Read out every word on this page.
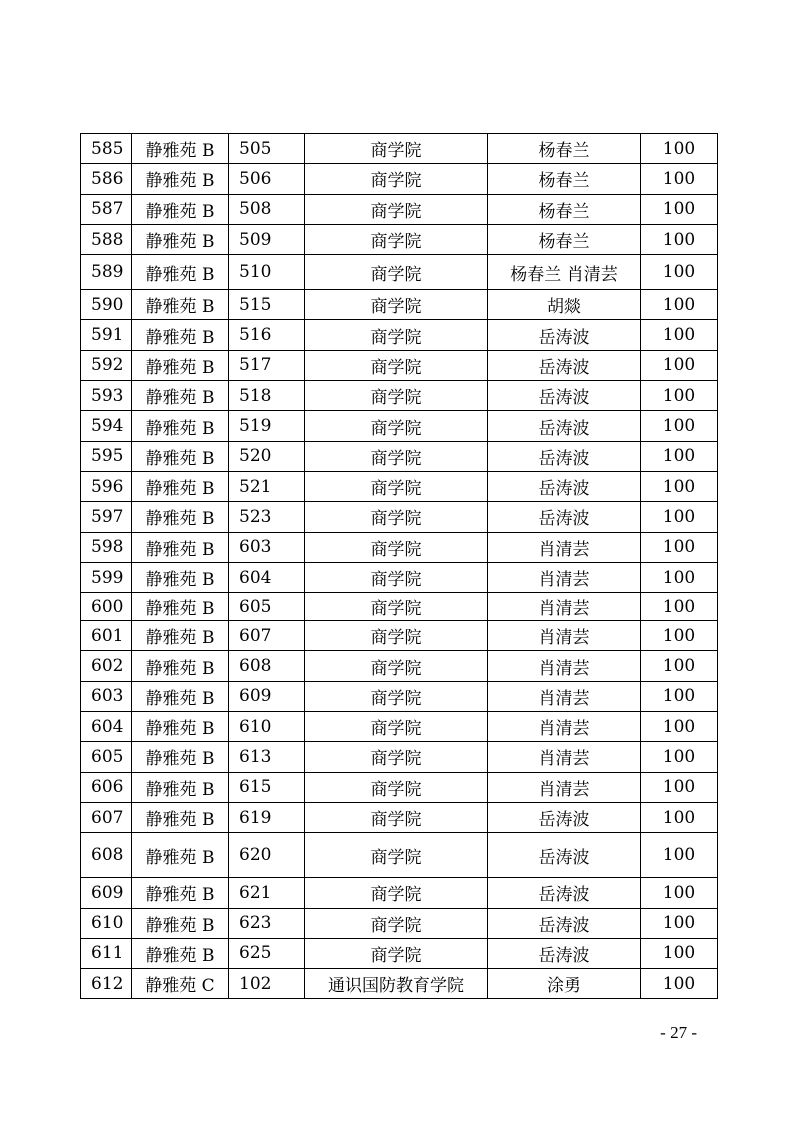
585	静雅苑 B	505	商学院	杨春兰	100
586	静雅苑 B	506	商学院	杨春兰	100
587	静雅苑 B	508	商学院	杨春兰	100
588	静雅苑 B	509	商学院	杨春兰	100
589	静雅苑 B	510	商学院	杨春兰 肖清芸	100
590	静雅苑 B	515	商学院	胡燚	100
591	静雅苑 B	516	商学院	岳涛波	100
592	静雅苑 B	517	商学院	岳涛波	100
593	静雅苑 B	518	商学院	岳涛波	100
594	静雅苑 B	519	商学院	岳涛波	100
595	静雅苑 B	520	商学院	岳涛波	100
596	静雅苑 B	521	商学院	岳涛波	100
597	静雅苑 B	523	商学院	岳涛波	100
598	静雅苑 B	603	商学院	肖清芸	100
599	静雅苑 B	604	商学院	肖清芸	100
600	静雅苑 B	605	商学院	肖清芸	100
601	静雅苑 B	607	商学院	肖清芸	100
602	静雅苑 B	608	商学院	肖清芸	100
603	静雅苑 B	609	商学院	肖清芸	100
604	静雅苑 B	610	商学院	肖清芸	100
605	静雅苑 B	613	商学院	肖清芸	100
606	静雅苑 B	615	商学院	肖清芸	100
607	静雅苑 B	619	商学院	岳涛波	100
608	静雅苑 B	620	商学院	岳涛波	100
609	静雅苑 B	621	商学院	岳涛波	100
610	静雅苑 B	623	商学院	岳涛波	100
611	静雅苑 B	625	商学院	岳涛波	100
612	静雅苑 C	102	通识国防教育学院	涂勇	100
- 27 -
